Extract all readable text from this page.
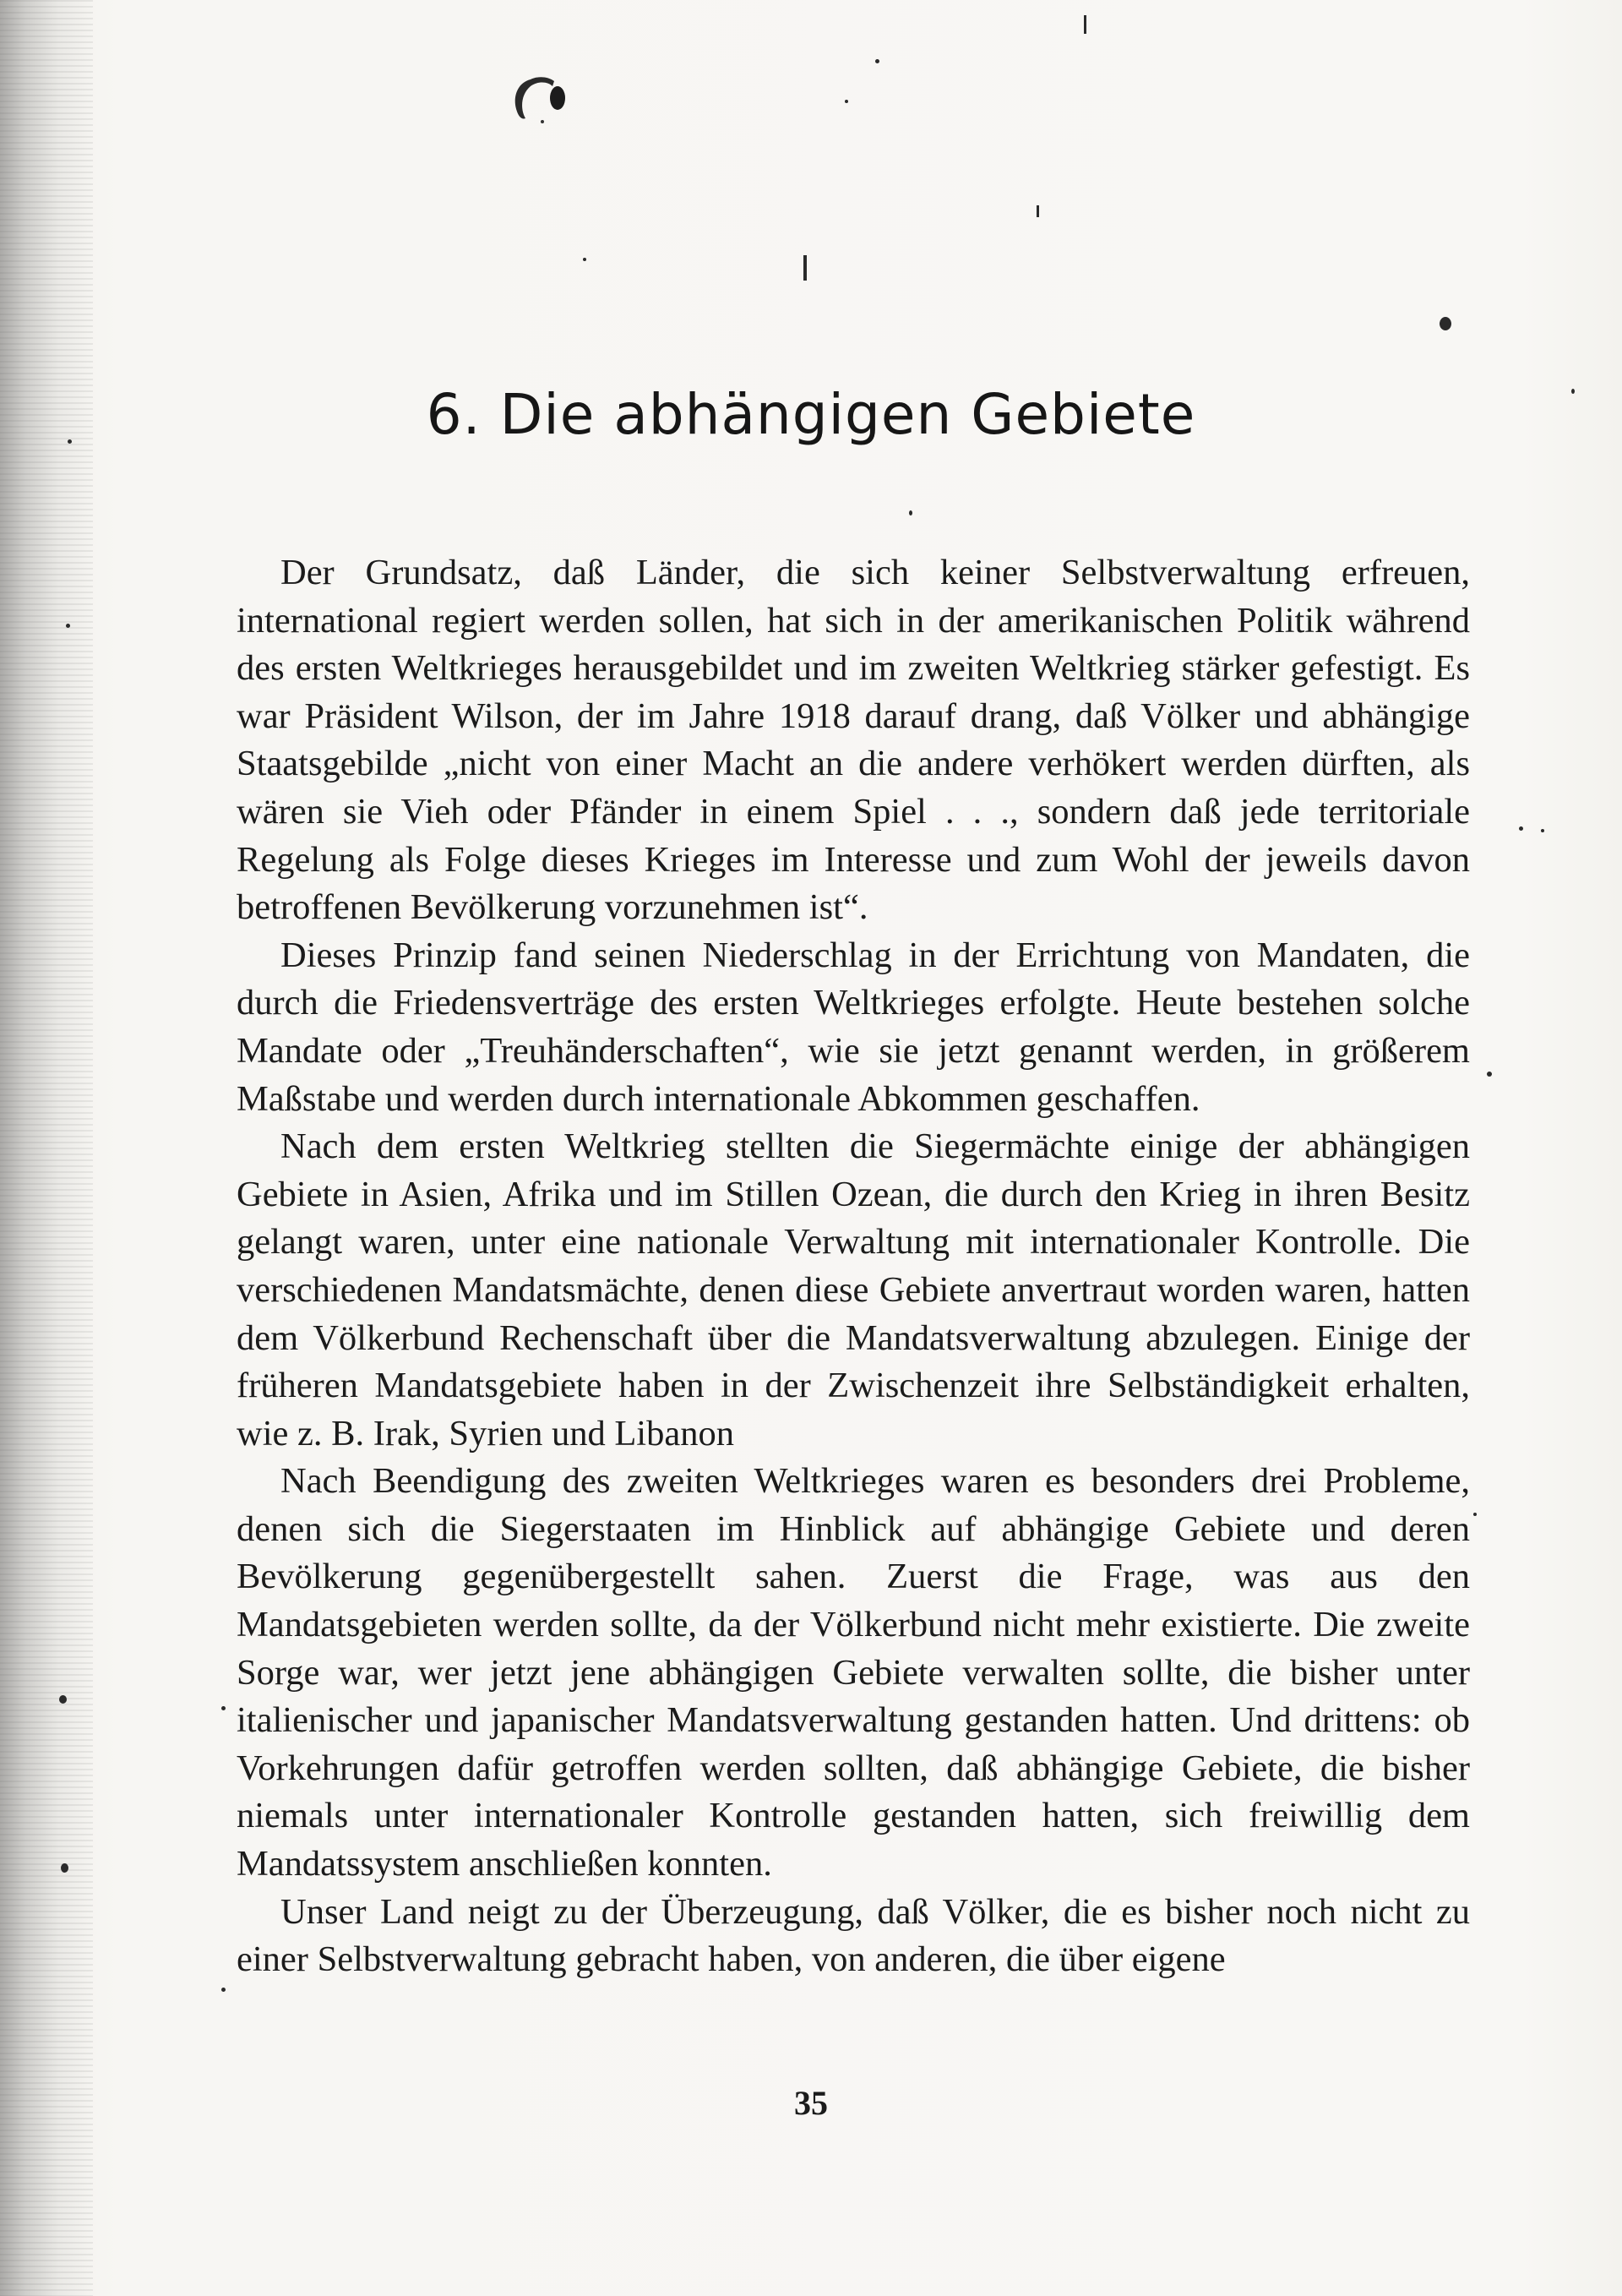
6. Die abhängigen Gebiete

Der Grundsatz, daß Länder, die sich keiner Selbstverwaltung erfreuen, international regiert werden sollen, hat sich in der amerikanischen Politik während des ersten Weltkrieges herausgebildet und im zweiten Weltkrieg stärker gefestigt. Es war Präsident Wilson, der im Jahre 1918 darauf drang, daß Völker und abhängige Staatsgebilde „nicht von einer Macht an die andere verhökert werden dürften, als wären sie Vieh oder Pfänder in einem Spiel . . ., sondern daß jede territoriale Regelung als Folge dieses Krieges im Interesse und zum Wohl der jeweils davon betroffenen Bevölkerung vorzunehmen ist“.

Dieses Prinzip fand seinen Niederschlag in der Errichtung von Mandaten, die durch die Friedensverträge des ersten Weltkrieges erfolgte. Heute bestehen solche Mandate oder „Treuhänderschaften“, wie sie jetzt genannt werden, in größerem Maßstabe und werden durch internationale Abkommen geschaffen.

Nach dem ersten Weltkrieg stellten die Siegermächte einige der abhängigen Gebiete in Asien, Afrika und im Stillen Ozean, die durch den Krieg in ihren Besitz gelangt waren, unter eine nationale Verwaltung mit internationaler Kontrolle. Die verschiedenen Mandatsmächte, denen diese Gebiete anvertraut worden waren, hatten dem Völkerbund Rechenschaft über die Mandatsverwaltung abzulegen. Einige der früheren Mandatsgebiete haben in der Zwischenzeit ihre Selbständigkeit erhalten, wie z. B. Irak, Syrien und Libanon

Nach Beendigung des zweiten Weltkrieges waren es besonders drei Probleme, denen sich die Siegerstaaten im Hinblick auf abhängige Gebiete und deren Bevölkerung gegenübergestellt sahen. Zuerst die Frage, was aus den Mandatsgebieten werden sollte, da der Völkerbund nicht mehr existierte. Die zweite Sorge war, wer jetzt jene abhängigen Gebiete verwalten sollte, die bisher unter italienischer und japanischer Mandatsverwaltung gestanden hatten. Und drittens: ob Vorkehrungen dafür getroffen werden sollten, daß abhängige Gebiete, die bisher niemals unter internationaler Kontrolle gestanden hatten, sich freiwillig dem Mandatssystem anschließen konnten.

Unser Land neigt zu der Überzeugung, daß Völker, die es bisher noch nicht zu einer Selbstverwaltung gebracht haben, von anderen, die über eigene

35
